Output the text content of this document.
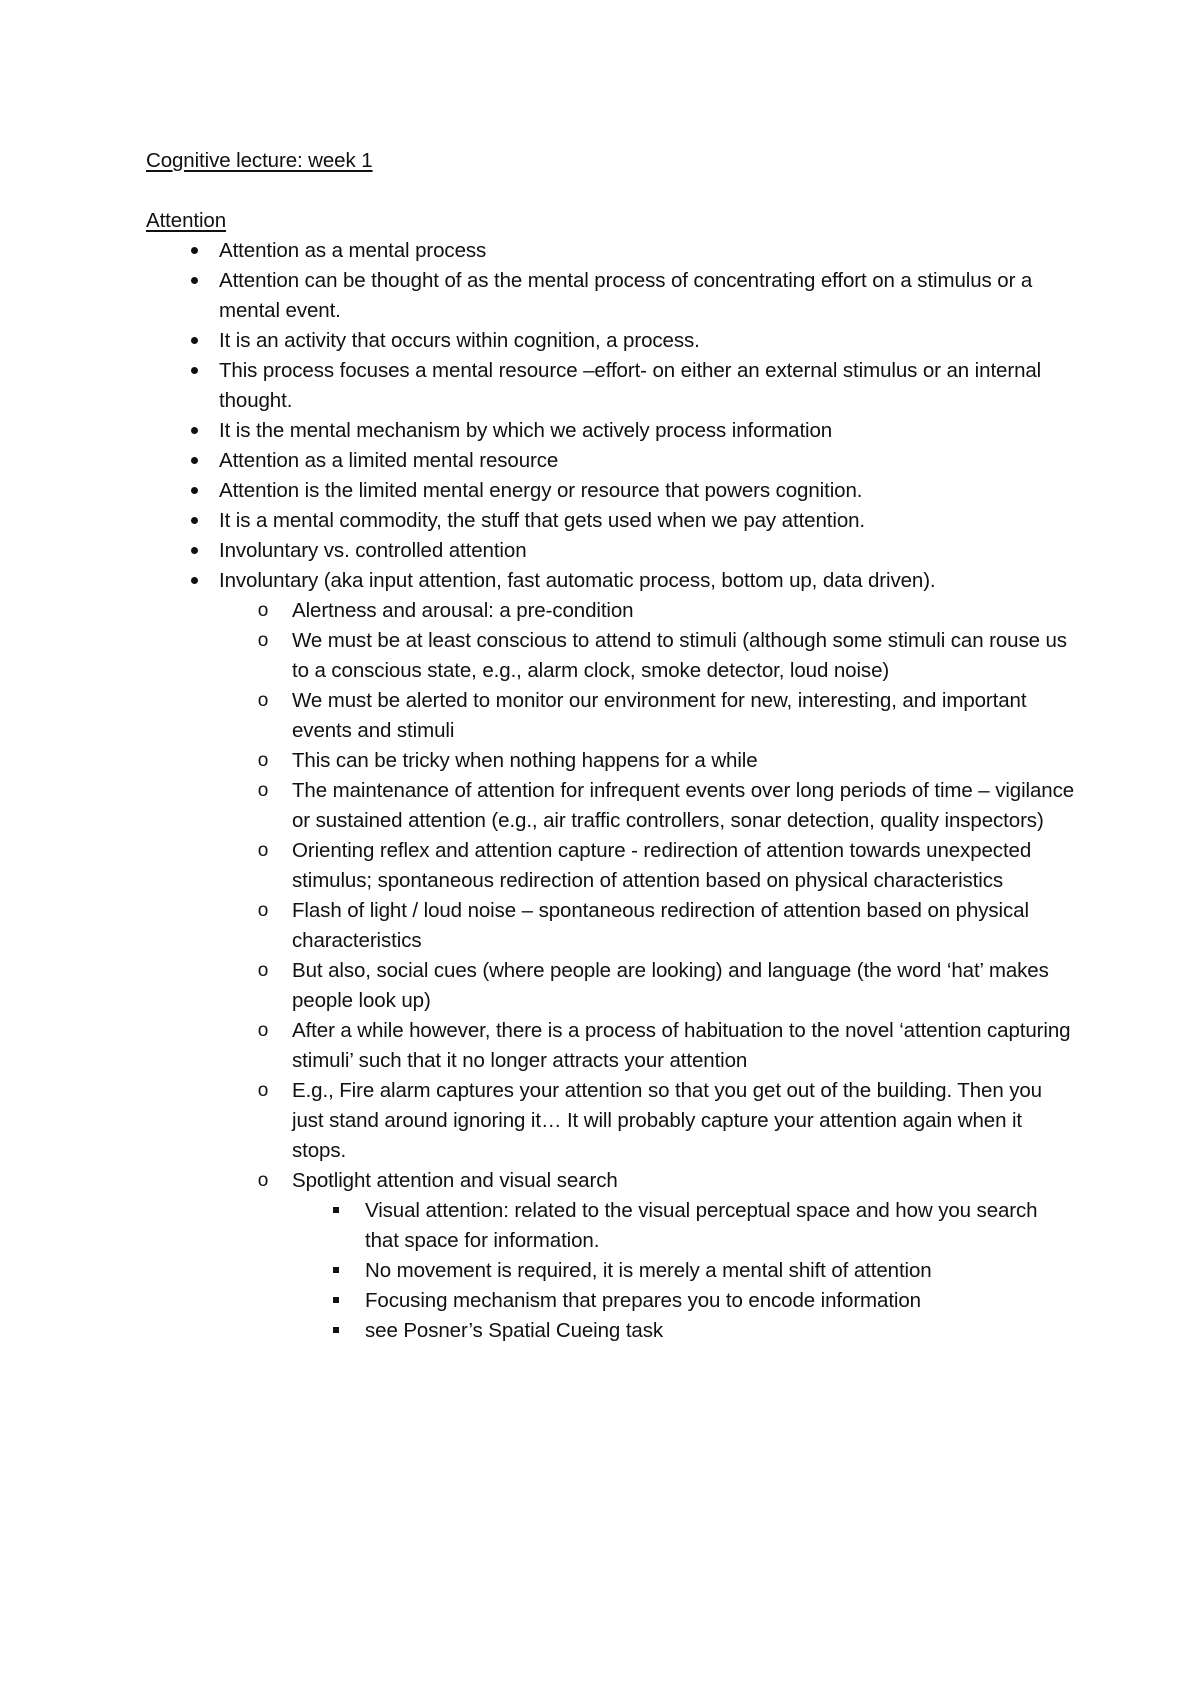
Cognitive lecture: week 1
Attention
Attention as a mental process
Attention can be thought of as the mental process of concentrating effort on a stimulus or a mental event.
It is an activity that occurs within cognition, a process.
This process focuses a mental resource –effort- on either an external stimulus or an internal thought.
It is the mental mechanism by which we actively process information
Attention as a limited mental resource
Attention is the limited mental energy or resource that powers cognition.
It is a mental commodity, the stuff that gets used when we pay attention.
Involuntary vs. controlled attention
Involuntary (aka input attention, fast automatic process, bottom up, data driven).
o Alertness and arousal: a pre-condition
o We must be at least conscious to attend to stimuli (although some stimuli can rouse us to a conscious state, e.g., alarm clock, smoke detector, loud noise)
o We must be alerted to monitor our environment for new, interesting, and important events and stimuli
o This can be tricky when nothing happens for a while
o The maintenance of attention for infrequent events over long periods of time – vigilance or sustained attention (e.g., air traffic controllers, sonar detection, quality inspectors)
o Orienting reflex and attention capture - redirection of attention towards unexpected stimulus; spontaneous redirection of attention based on physical characteristics
o Flash of light / loud noise – spontaneous redirection of attention based on physical characteristics
o But also, social cues (where people are looking) and language (the word ‘hat’ makes people look up)
o After a while however, there is a process of habituation to the novel ‘attention capturing stimuli’ such that it no longer attracts your attention
o E.g., Fire alarm captures your attention so that you get out of the building. Then you just stand around ignoring it… It will probably capture your attention again when it stops.
o Spotlight attention and visual search
Visual attention: related to the visual perceptual space and how you search that space for information.
No movement is required, it is merely a mental shift of attention
Focusing mechanism that prepares you to encode information
see Posner’s Spatial Cueing task
